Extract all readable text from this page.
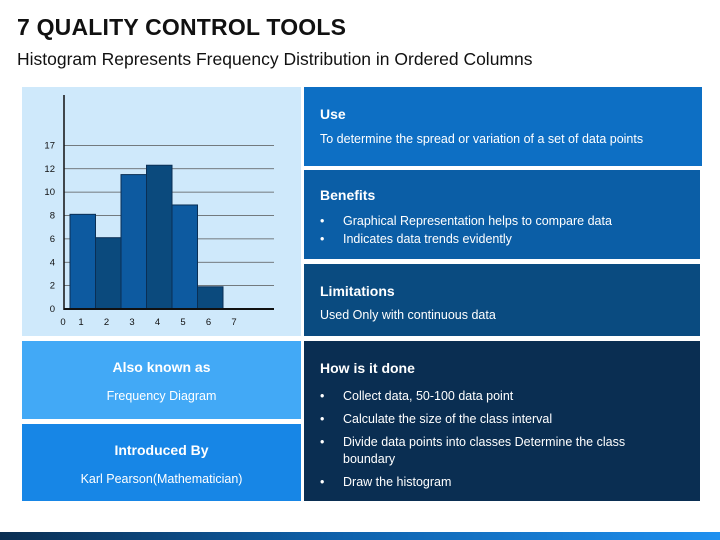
7 QUALITY CONTROL TOOLS
Histogram Represents Frequency Distribution in Ordered Columns
0
2
4
6
8
10
12
17
0 1 2 3 4 5 6 7

Use

To determine the spread or variation of a set of data points

Benefits

• Graphical Representation helps to compare data
• Indicates data trends evidently

Limitations

Used Only with continuous data

Also known as

Frequency Diagram

Introduced By

Karl Pearson(Mathematician)

How is it done

• Collect data, 50-100 data point
• Calculate the size of the class interval
• Divide data points into classes Determine the class boundary
• Draw the histogram
